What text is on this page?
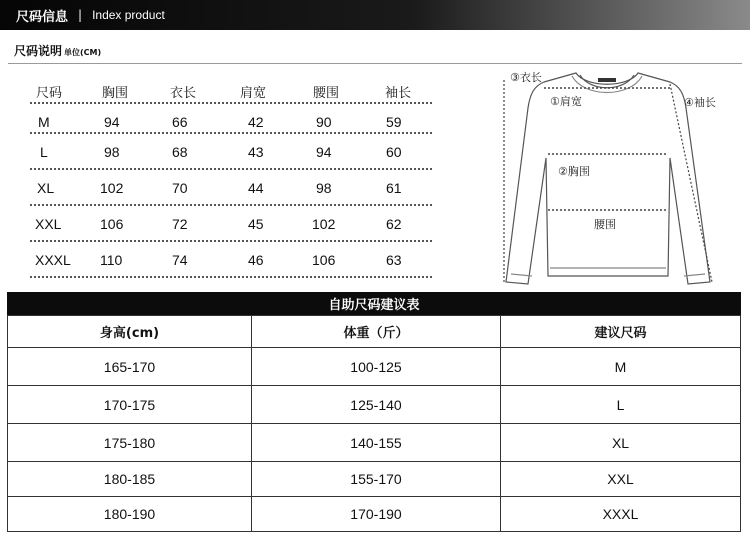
尺码信息 | Index product
尺码说明 单位(CM)
尺码	胸围	衣长	肩宽	腰围	袖长
M	94	66	42	90	59
L	98	68	43	94	60
XL	102	70	44	98	61
XXL	106	72	45	102	62
XXXL 110	74	46	106	63
③衣长
①肩宽	④袖长
②胸围
腰围
自助尺码建议表
身高(cm)	体重（斤）	建议尺码
165-170	100-125	M
170-175	125-140	L
175-180	140-155	XL
180-185	155-170	XXL
180-190	170-190	XXXL
